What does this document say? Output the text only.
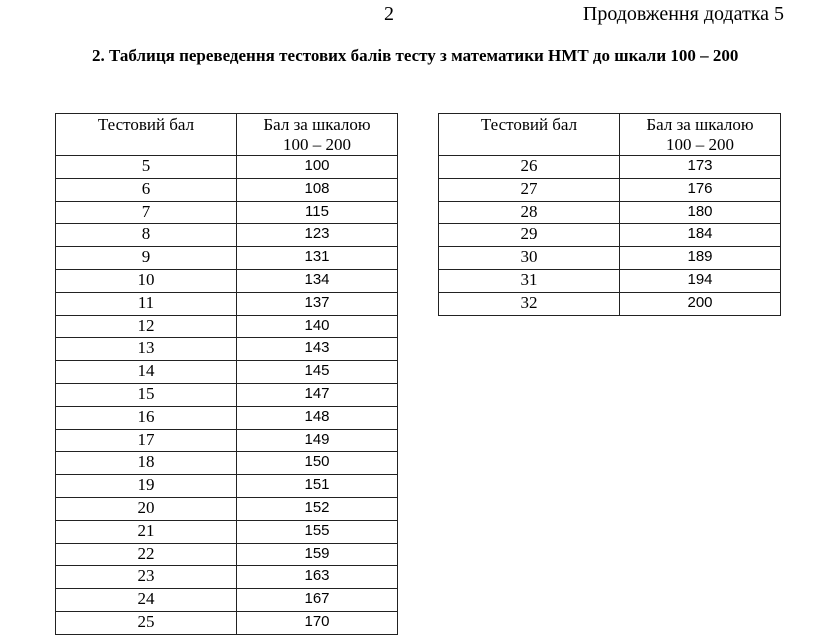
2	Продовження додатка 5
2. Таблиця переведення тестових балів тесту з математики НМТ до шкали 100 – 200
Тестовий бал	Бал за шкалою
100 – 200
5	100
6	108
7	115
8	123
9	131
10	134
11	137
12	140
13	143
14	145
15	147
16	148
17	149
18	150
19	151
20	152
21	155
22	159
23	163
24	167
25	170
Тестовий бал	Бал за шкалою
100 – 200
26	173
27	176
28	180
29	184
30	189
31	194
32	200
